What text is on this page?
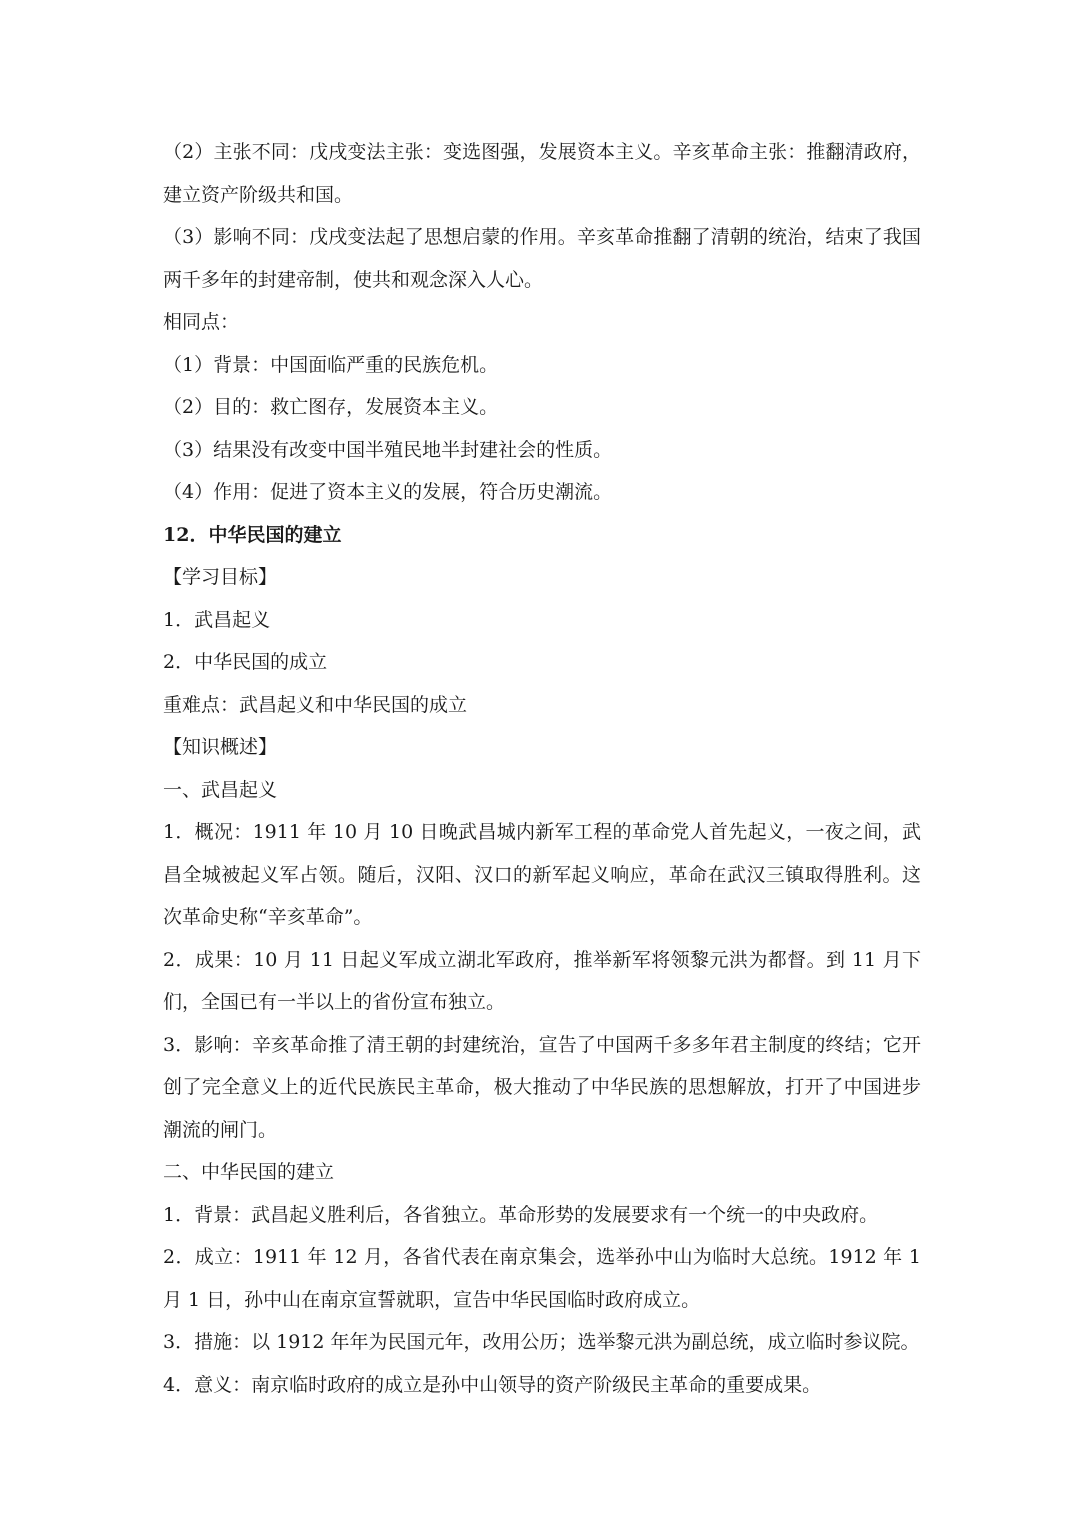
（2）主张不同：戊戌变法主张：变选图强，发展资本主义。辛亥革命主张：推翻清政府，建立资产阶级共和国。

（3）影响不同：戊戌变法起了思想启蒙的作用。辛亥革命推翻了清朝的统治，结束了我国两千多年的封建帝制，使共和观念深入人心。

相同点：

（1）背景：中国面临严重的民族危机。

（2）目的：救亡图存，发展资本主义。

（3）结果没有改变中国半殖民地半封建社会的性质。

（4）作用：促进了资本主义的发展，符合历史潮流。

12．中华民国的建立

【学习目标】

1．武昌起义

2．中华民国的成立

重难点：武昌起义和中华民国的成立

【知识概述】

一、武昌起义

1．概况：1911 年 10 月 10 日晚武昌城内新军工程的革命党人首先起义，一夜之间，武昌全城被起义军占领。随后，汉阳、汉口的新军起义响应，革命在武汉三镇取得胜利。这次革命史称“辛亥革命”。

2．成果：10 月 11 日起义军成立湖北军政府，推举新军将领黎元洪为都督。到 11 月下们，全国已有一半以上的省份宣布独立。

3．影响：辛亥革命推了清王朝的封建统治，宣告了中国两千多多年君主制度的终结；它开创了完全意义上的近代民族民主革命，极大推动了中华民族的思想解放，打开了中国进步潮流的闸门。

二、中华民国的建立

1．背景：武昌起义胜利后，各省独立。革命形势的发展要求有一个统一的中央政府。

2．成立：1911 年 12 月，各省代表在南京集会，选举孙中山为临时大总统。1912 年 1 月 1 日，孙中山在南京宣誓就职，宣告中华民国临时政府成立。

3．措施：以 1912 年年为民国元年，改用公历；选举黎元洪为副总统，成立临时参议院。

4．意义：南京临时政府的成立是孙中山领导的资产阶级民主革命的重要成果。
